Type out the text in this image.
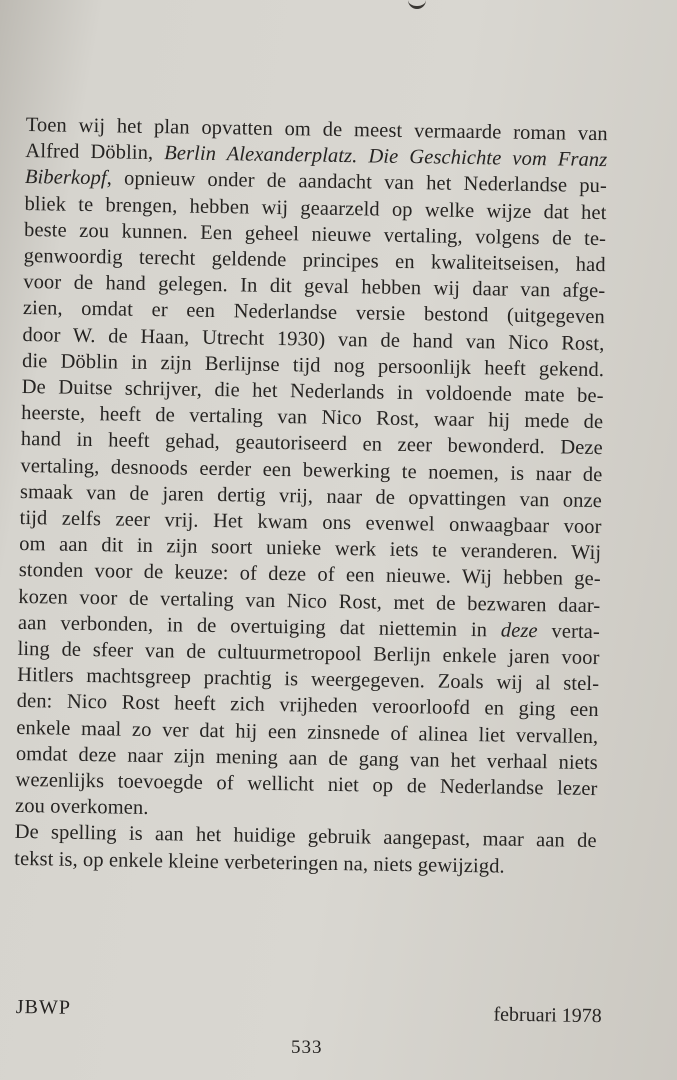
Toen wij het plan opvatten om de meest vermaarde roman van
Alfred Döblin, Berlin Alexanderplatz. Die Geschichte vom Franz
Biberkopf, opnieuw onder de aandacht van het Nederlandse pu-
bliek te brengen, hebben wij geaarzeld op welke wijze dat het
beste zou kunnen. Een geheel nieuwe vertaling, volgens de te-
genwoordig terecht geldende principes en kwaliteitseisen, had
voor de hand gelegen. In dit geval hebben wij daar van afge-
zien, omdat er een Nederlandse versie bestond (uitgegeven
door W. de Haan, Utrecht 1930) van de hand van Nico Rost,
die Döblin in zijn Berlijnse tijd nog persoonlijk heeft gekend.
De Duitse schrijver, die het Nederlands in voldoende mate be-
heerste, heeft de vertaling van Nico Rost, waar hij mede de
hand in heeft gehad, geautoriseerd en zeer bewonderd. Deze
vertaling, desnoods eerder een bewerking te noemen, is naar de
smaak van de jaren dertig vrij, naar de opvattingen van onze
tijd zelfs zeer vrij. Het kwam ons evenwel onwaagbaar voor
om aan dit in zijn soort unieke werk iets te veranderen. Wij
stonden voor de keuze: of deze of een nieuwe. Wij hebben ge-
kozen voor de vertaling van Nico Rost, met de bezwaren daar-
aan verbonden, in de overtuiging dat niettemin in deze verta-
ling de sfeer van de cultuurmetropool Berlijn enkele jaren voor
Hitlers machtsgreep prachtig is weergegeven. Zoals wij al stel-
den: Nico Rost heeft zich vrijheden veroorloofd en ging een
enkele maal zo ver dat hij een zinsnede of alinea liet vervallen,
omdat deze naar zijn mening aan de gang van het verhaal niets
wezenlijks toevoegde of wellicht niet op de Nederlandse lezer
zou overkomen.
De spelling is aan het huidige gebruik aangepast, maar aan de
tekst is, op enkele kleine verbeteringen na, niets gewijzigd.
JBWP	februari 1978
533
